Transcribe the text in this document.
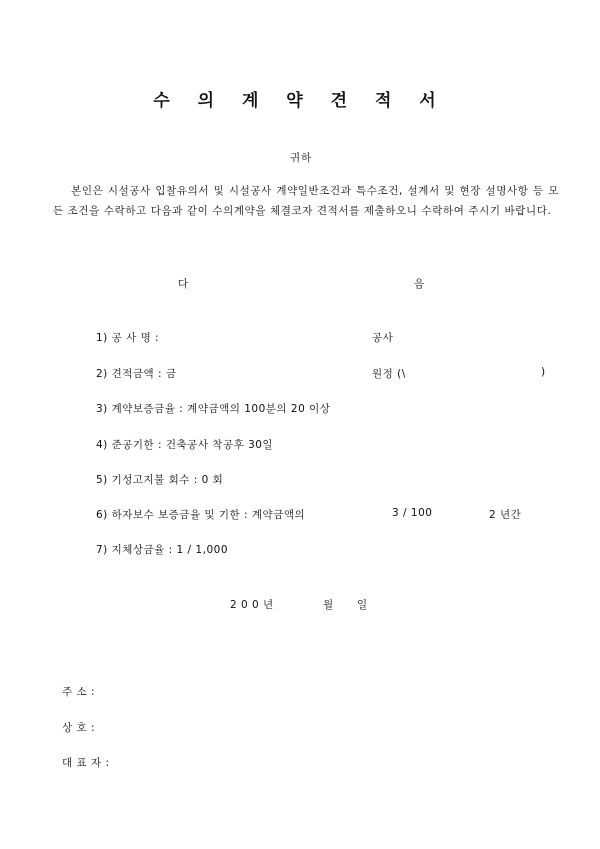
수 의 계 약 견 적 서
귀하
본인은 시설공사 입찰유의서 및 시설공사 계약일반조건과 특수조건, 설계서 및 현장 설명사항 등 모든 조건을 수락하고 다음과 같이 수의계약을 체결코자 견적서를 제출하오니 수락하여 주시기 바랍니다.
다	음
1) 공 사 명 :	공사
2) 견적금액 : 금	원정 (\	)
3) 계약보증금율 : 계약금액의 100분의 20 이상
4) 준공기한 : 건축공사 착공후 30일
5) 기성고지불 회수 : 0 회
6) 하자보수 보증금율 및 기한 : 계약금액의	3 / 100	2 년간
7) 지체상금율 : 1 / 1,000
2 0 0 년	월 일
주 소 :
상 호 :
대 표 자 :
